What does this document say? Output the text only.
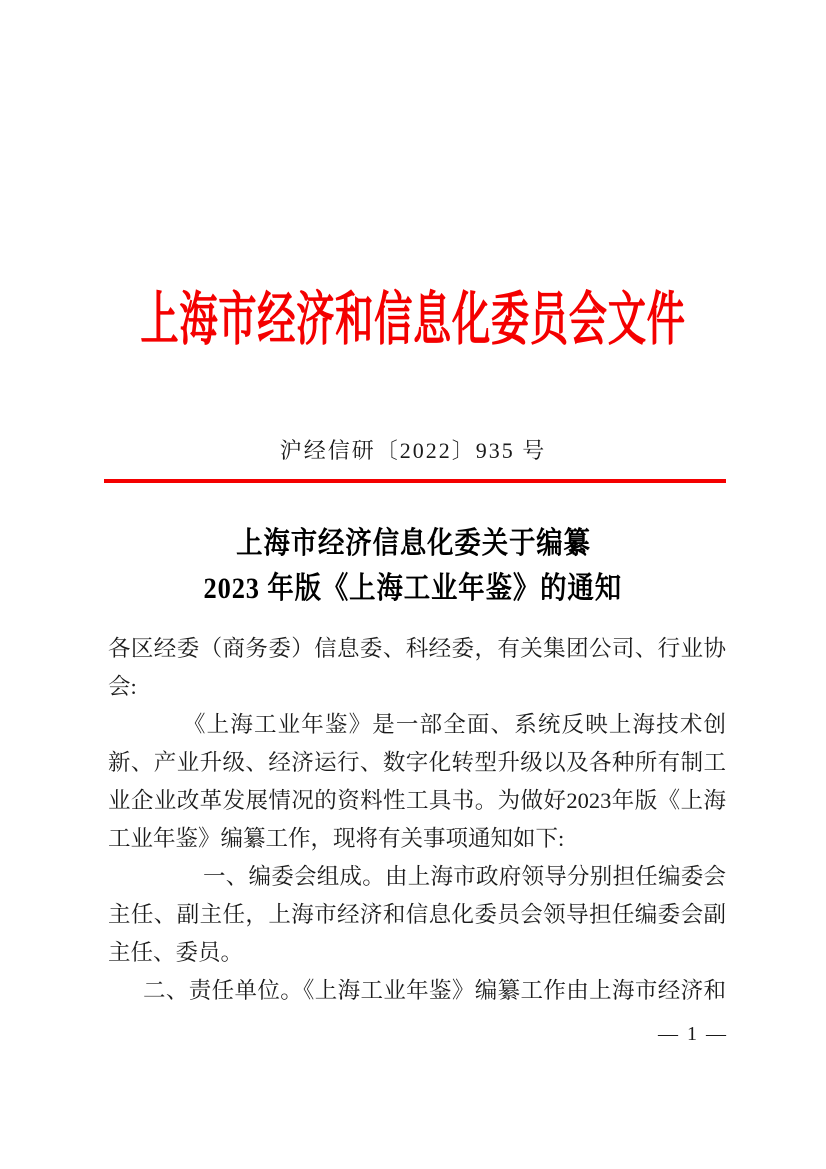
上海市经济和信息化委员会文件
沪经信研〔2022〕935 号
上海市经济信息化委关于编纂
2023 年版《上海工业年鉴》的通知
各区经委（商务委）信息委、科经委，有关集团公司、行业协
会:
《上海工业年鉴》是一部全面、系统反映上海技术创
新、产业升级、经济运行、数字化转型升级以及各种所有制工
业企业改革发展情况的资料性工具书。为做好2023年版《上海
工业年鉴》编纂工作，现将有关事项通知如下:
一、编委会组成。由上海市政府领导分别担任编委会
主任、副主任，上海市经济和信息化委员会领导担任编委会副
主任、委员。
二、责任单位。《上海工业年鉴》编纂工作由上海市经济和
— 1 —
